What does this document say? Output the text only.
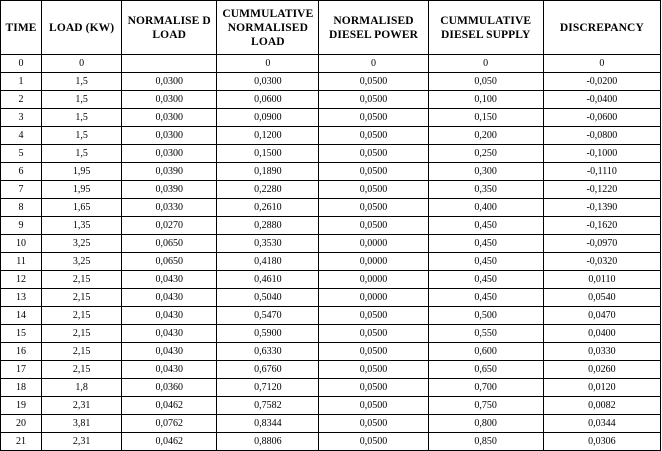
TIME	LOAD (KW)	NORMALISE D LOAD	CUMMULATIVE NORMALISED LOAD	NORMALISED DIESEL POWER	CUMMULATIVE DIESEL SUPPLY	DISCREPANCY
0	0		0	0	0	0
1	1,5	0,0300	0,0300	0,0500	0,050	-0,0200
2	1,5	0,0300	0,0600	0,0500	0,100	-0,0400
3	1,5	0,0300	0,0900	0,0500	0,150	-0,0600
4	1,5	0,0300	0,1200	0,0500	0,200	-0,0800
5	1,5	0,0300	0,1500	0,0500	0,250	-0,1000
6	1,95	0,0390	0,1890	0,0500	0,300	-0,1110
7	1,95	0,0390	0,2280	0,0500	0,350	-0,1220
8	1,65	0,0330	0,2610	0,0500	0,400	-0,1390
9	1,35	0,0270	0,2880	0,0500	0,450	-0,1620
10	3,25	0,0650	0,3530	0,0000	0,450	-0,0970
11	3,25	0,0650	0,4180	0,0000	0,450	-0,0320
12	2,15	0,0430	0,4610	0,0000	0,450	0,0110
13	2,15	0,0430	0,5040	0,0000	0,450	0,0540
14	2,15	0,0430	0,5470	0,0500	0,500	0,0470
15	2,15	0,0430	0,5900	0,0500	0,550	0,0400
16	2,15	0,0430	0,6330	0,0500	0,600	0,0330
17	2,15	0,0430	0,6760	0,0500	0,650	0,0260
18	1,8	0,0360	0,7120	0,0500	0,700	0,0120
19	2,31	0,0462	0,7582	0,0500	0,750	0,0082
20	3,81	0,0762	0,8344	0,0500	0,800	0,0344
21	2,31	0,0462	0,8806	0,0500	0,850	0,0306
